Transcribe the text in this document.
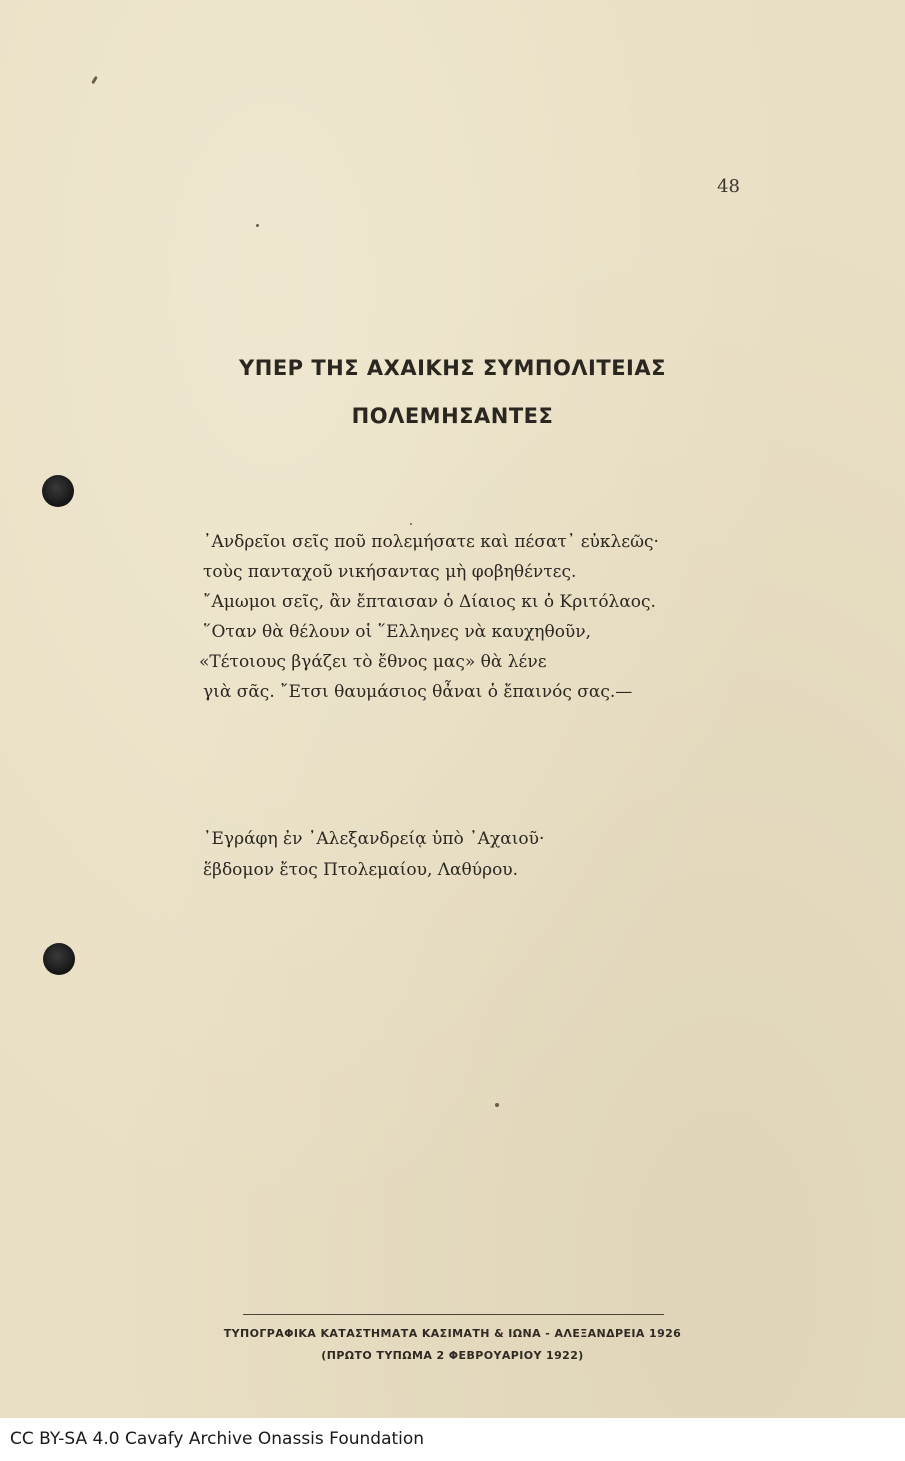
48
ΥΠΕΡ ΤΗΣ ΑΧΑΙΚΗΣ ΣΥΜΠΟΛΙΤΕΙΑΣ
ΠΟΛΕΜΗΣΑΝΤΕΣ
᾿Ανδρεῖοι σεῖς ποῦ πολεμήσατε καὶ πέσατ᾿ εὐκλεῶς·
τοὺς πανταχοῦ νικήσαντας μὴ φοβηθέντες.
῎Αμωμοι σεῖς, ἂν ἔπταισαν ὁ Δίαιος κι ὁ Κριτόλαος.
῞Οταν θὰ θέλουν οἱ ῞Ελληνες νὰ καυχηθοῦν,
«Τέτοιους βγάζει τὸ ἔθνος μας» θὰ λένε
γιὰ σᾶς. ῎Ετσι θαυμάσιος θἆναι ὁ ἔπαινός σας.—
᾿Εγράφη ἐν ᾿Αλεξανδρείᾳ ὑπὸ ᾿Αχαιοῦ·
ἕβδομον ἔτος Πτολεμαίου, Λαθύρου.
ΤΥΠΟΓΡΑΦΙΚΑ ΚΑΤΑΣΤΗΜΑΤΑ ΚΑΣΙΜΑΤΗ & ΙΩΝΑ - ΑΛΕΞΑΝΔΡΕΙΑ 1926
(ΠΡΩΤΟ ΤΥΠΩΜΑ 2 ΦΕΒΡΟΥΑΡΙΟΥ 1922)
CC BY-SA 4.0 Cavafy Archive Onassis Foundation
